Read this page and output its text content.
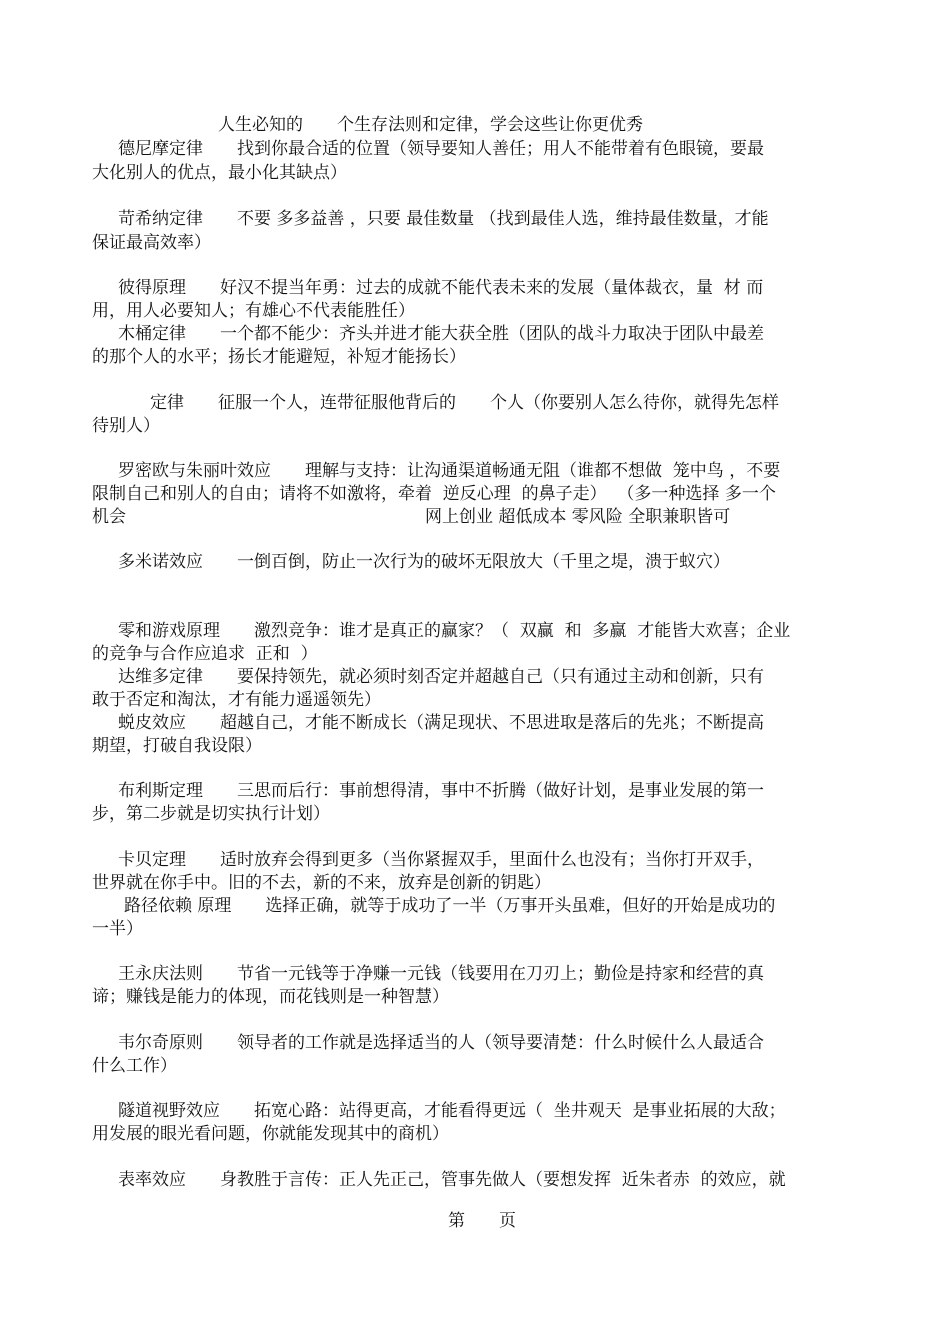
人生必知的　　个生存法则和定律，学会这些让你更优秀
德尼摩定律　　找到你最合适的位置（领导要知人善任；用人不能带着有色眼镜，要最
大化别人的优点，最小化其缺点）
苛希纳定律　　不要 多多益善 ，只要 最佳数量 （找到最佳人选，维持最佳数量，才能
保证最高效率）
彼得原理　　好汉不提当年勇：过去的成就不能代表未来的发展（量体裁衣，量  材 而
用，用人必要知人；有雄心不代表能胜任）
木桶定律　　一个都不能少：齐头并进才能大获全胜（团队的战斗力取决于团队中最差
的那个人的水平；扬长才能避短，补短才能扬长）
定律　　征服一个人，连带征服他背后的　　个人（你要别人怎么待你，就得先怎样
待别人）
罗密欧与朱丽叶效应　　理解与支持：让沟通渠道畅通无阻（谁都不想做  笼中鸟 ，不要
限制自己和别人的自由；请将不如激将，牵着  逆反心理  的鼻子走）  （多一种选择 多一个
机会	网上创业 超低成本 零风险 全职兼职皆可
多米诺效应　　一倒百倒，防止一次行为的破坏无限放大（千里之堤，溃于蚁穴）
零和游戏原理　　激烈竞争：谁才是真正的赢家？（  双赢  和  多赢  才能皆大欢喜；企业
的竞争与合作应追求  正和  ）
达维多定律　　要保持领先，就必须时刻否定并超越自己（只有通过主动和创新，只有
敢于否定和淘汰，才有能力遥遥领先）
蜕皮效应　　超越自己，才能不断成长（满足现状、不思进取是落后的先兆；不断提高
期望，打破自我设限）
布利斯定理　　三思而后行：事前想得清，事中不折腾（做好计划，是事业发展的第一
步，第二步就是切实执行计划）
卡贝定理　　适时放弃会得到更多（当你紧握双手，里面什么也没有；当你打开双手，
世界就在你手中。旧的不去，新的不来，放弃是创新的钥匙）
路径依赖 原理　　选择正确，就等于成功了一半（万事开头虽难，但好的开始是成功的
一半）
王永庆法则　　节省一元钱等于净赚一元钱（钱要用在刀刃上；勤俭是持家和经营的真
谛；赚钱是能力的体现，而花钱则是一种智慧）
韦尔奇原则　　领导者的工作就是选择适当的人（领导要清楚：什么时候什么人最适合
什么工作）
隧道视野效应　　拓宽心路：站得更高，才能看得更远（  坐井观天  是事业拓展的大敌；
用发展的眼光看问题，你就能发现其中的商机）
表率效应　　身教胜于言传：正人先正己，管事先做人（要想发挥  近朱者赤  的效应，就
第　　页
